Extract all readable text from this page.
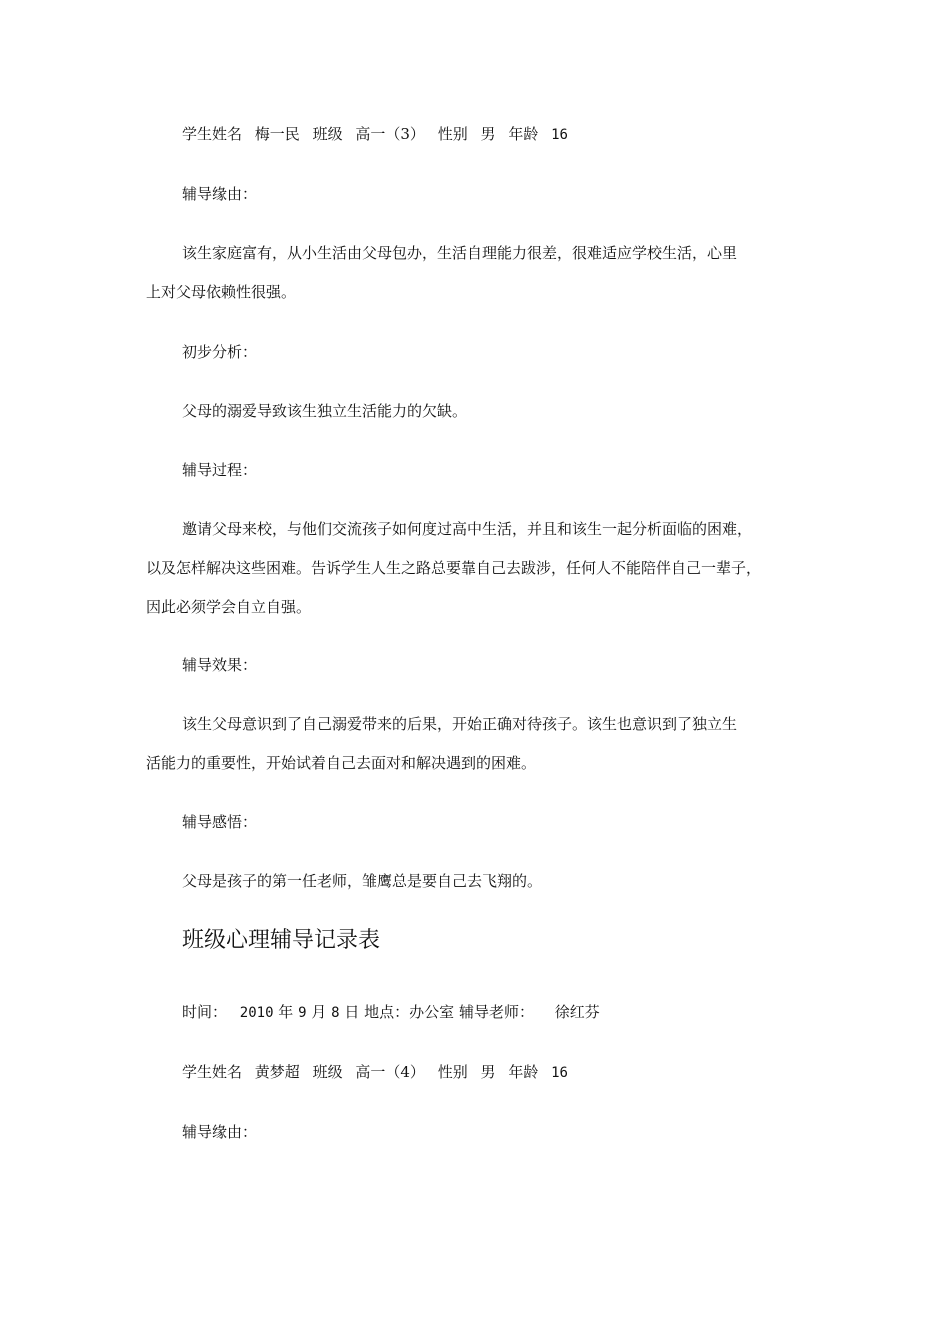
学生姓名 梅一民 班级 高一（3） 性别 男 年龄 16
辅导缘由：
该生家庭富有，从小生活由父母包办，生活自理能力很差，很难适应学校生活，心里
上对父母依赖性很强。
初步分析：
父母的溺爱导致该生独立生活能力的欠缺。
辅导过程：
邀请父母来校，与他们交流孩子如何度过高中生活，并且和该生一起分析面临的困难，
以及怎样解决这些困难。告诉学生人生之路总要靠自己去跋涉，任何人不能陪伴自己一辈子，
因此必须学会自立自强。
辅导效果：
该生父母意识到了自己溺爱带来的后果，开始正确对待孩子。该生也意识到了独立生
活能力的重要性，开始试着自己去面对和解决遇到的困难。
辅导感悟：
父母是孩子的第一任老师，雏鹰总是要自己去飞翔的。
班级心理辅导记录表
时间： 2010 年 9 月 8 日 地点：办公室 辅导老师： 徐红芬
学生姓名 黄梦超 班级 高一（4） 性别 男 年龄 16
辅导缘由：
